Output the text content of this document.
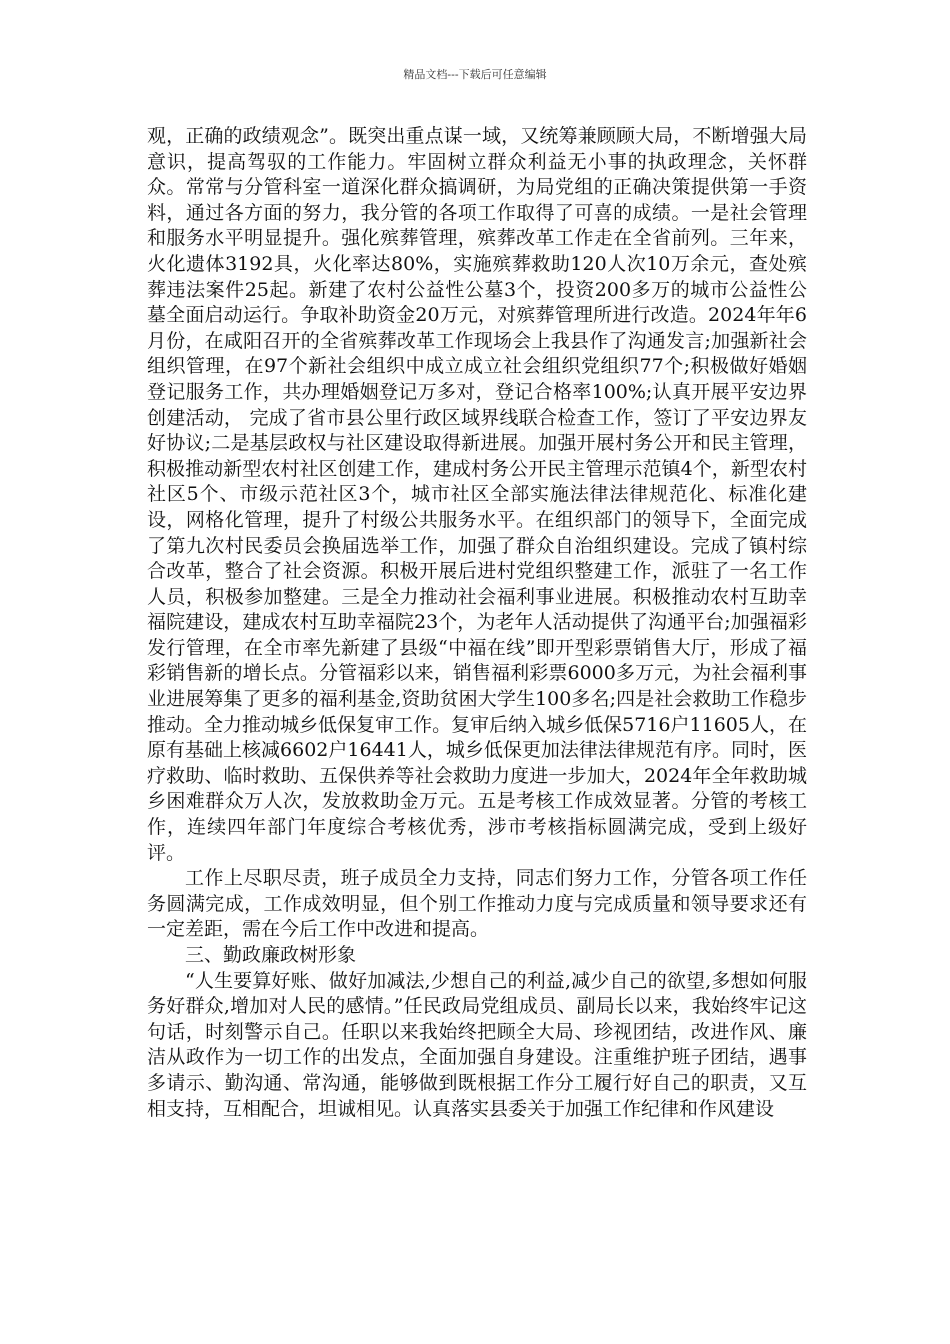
精品文档---下载后可任意编辑

观，正确的政绩观念”。既突出重点谋一域，又统筹兼顾顾大局，不断增强大局意识，提高驾驭的工作能力。牢固树立群众利益无小事的执政理念，关怀群众。常常与分管科室一道深化群众搞调研，为局党组的正确决策提供第一手资料，通过各方面的努力，我分管的各项工作取得了可喜的成绩。一是社会管理和服务水平明显提升。强化殡葬管理，殡葬改革工作走在全省前列。三年来，火化遗体3192具，火化率达80%，实施殡葬救助120人次10万余元，查处殡葬违法案件25起。新建了农村公益性公墓3个，投资200多万的城市公益性公墓全面启动运行。争取补助资金20万元，对殡葬管理所进行改造。2024年年6月份，在咸阳召开的全省殡葬改革工作现场会上我县作了沟通发言;加强新社会组织管理，在97个新社会组织中成立成立社会组织党组织77个;积极做好婚姻登记服务工作，共办理婚姻登记万多对，登记合格率100%;认真开展平安边界创建活动， 完成了省市县公里行政区域界线联合检查工作，签订了平安边界友好协议;二是基层政权与社区建设取得新进展。加强开展村务公开和民主管理，积极推动新型农村社区创建工作，建成村务公开民主管理示范镇4个，新型农村社区5个、市级示范社区3个，城市社区全部实施法律法律规范化、标准化建设，网格化管理，提升了村级公共服务水平。在组织部门的领导下，全面完成了第九次村民委员会换届选举工作，加强了群众自治组织建设。完成了镇村综合改革，整合了社会资源。积极开展后进村党组织整建工作，派驻了一名工作人员，积极参加整建。三是全力推动社会福利事业进展。积极推动农村互助幸福院建设，建成农村互助幸福院23个，为老年人活动提供了沟通平台;加强福彩发行管理，在全市率先新建了县级“中福在线”即开型彩票销售大厅，形成了福彩销售新的增长点。分管福彩以来，销售福利彩票6000多万元，为社会福利事业进展筹集了更多的福利基金,资助贫困大学生100多名;四是社会救助工作稳步推动。全力推动城乡低保复审工作。复审后纳入城乡低保5716户11605人，在原有基础上核减6602户16441人，城乡低保更加法律法律规范有序。同时，医疗救助、临时救助、五保供养等社会救助力度进一步加大，2024年全年救助城乡困难群众万人次，发放救助金万元。五是考核工作成效显著。分管的考核工作，连续四年部门年度综合考核优秀，涉市考核指标圆满完成，受到上级好评。

工作上尽职尽责，班子成员全力支持，同志们努力工作，分管各项工作任务圆满完成，工作成效明显，但个别工作推动力度与完成质量和领导要求还有一定差距，需在今后工作中改进和提高。

三、勤政廉政树形象

“人生要算好账、做好加减法,少想自己的利益,减少自己的欲望,多想如何服务好群众,增加对人民的感情。”任民政局党组成员、副局长以来，我始终牢记这句话，时刻警示自己。任职以来我始终把顾全大局、珍视团结，改进作风、廉洁从政作为一切工作的出发点，全面加强自身建设。注重维护班子团结，遇事多请示、勤沟通、常沟通，能够做到既根据工作分工履行好自己的职责，又互相支持，互相配合，坦诚相见。认真落实县委关于加强工作纪律和作风建设
